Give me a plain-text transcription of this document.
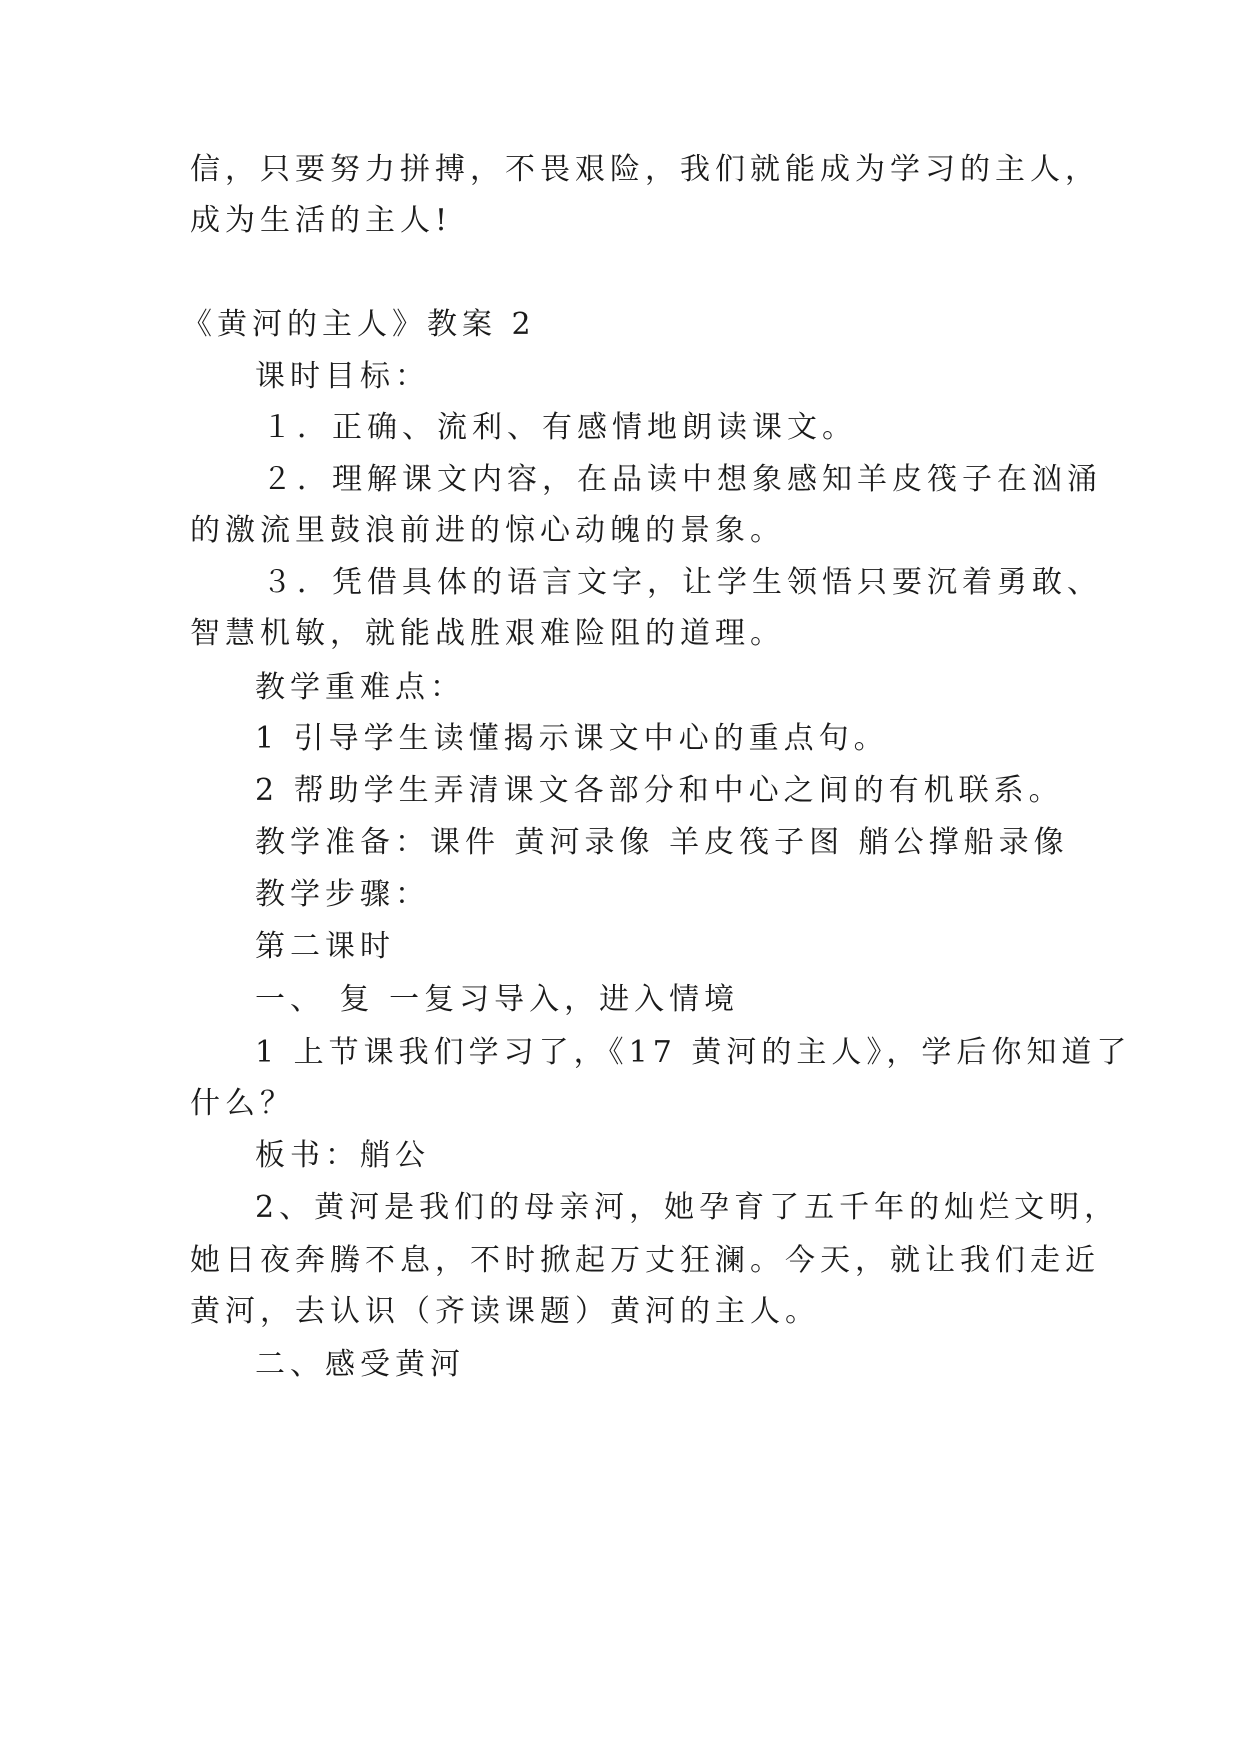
信，只要努力拼搏，不畏艰险，我们就能成为学习的主人，
成为生活的主人!
《黄河的主人》教案 2
课时目标：
１．正确、流利、有感情地朗读课文。
２．理解课文内容，在品读中想象感知羊皮筏子在汹涌
的激流里鼓浪前进的惊心动魄的景象。
３．凭借具体的语言文字，让学生领悟只要沉着勇敢、
智慧机敏，就能战胜艰难险阻的道理。
教学重难点：
1 引导学生读懂揭示课文中心的重点句。
2 帮助学生弄清课文各部分和中心之间的有机联系。
教学准备：课件 黄河录像 羊皮筏子图 艄公撑船录像
教学步骤：
第二课时
一、 复 一复习导入，进入情境
1 上节课我们学习了，《17 黄河的主人》，学后你知道了
什么？
板书：艄公
2、黄河是我们的母亲河，她孕育了五千年的灿烂文明，
她日夜奔腾不息，不时掀起万丈狂澜。今天，就让我们走近
黄河，去认识（齐读课题）黄河的主人。
二、感受黄河
